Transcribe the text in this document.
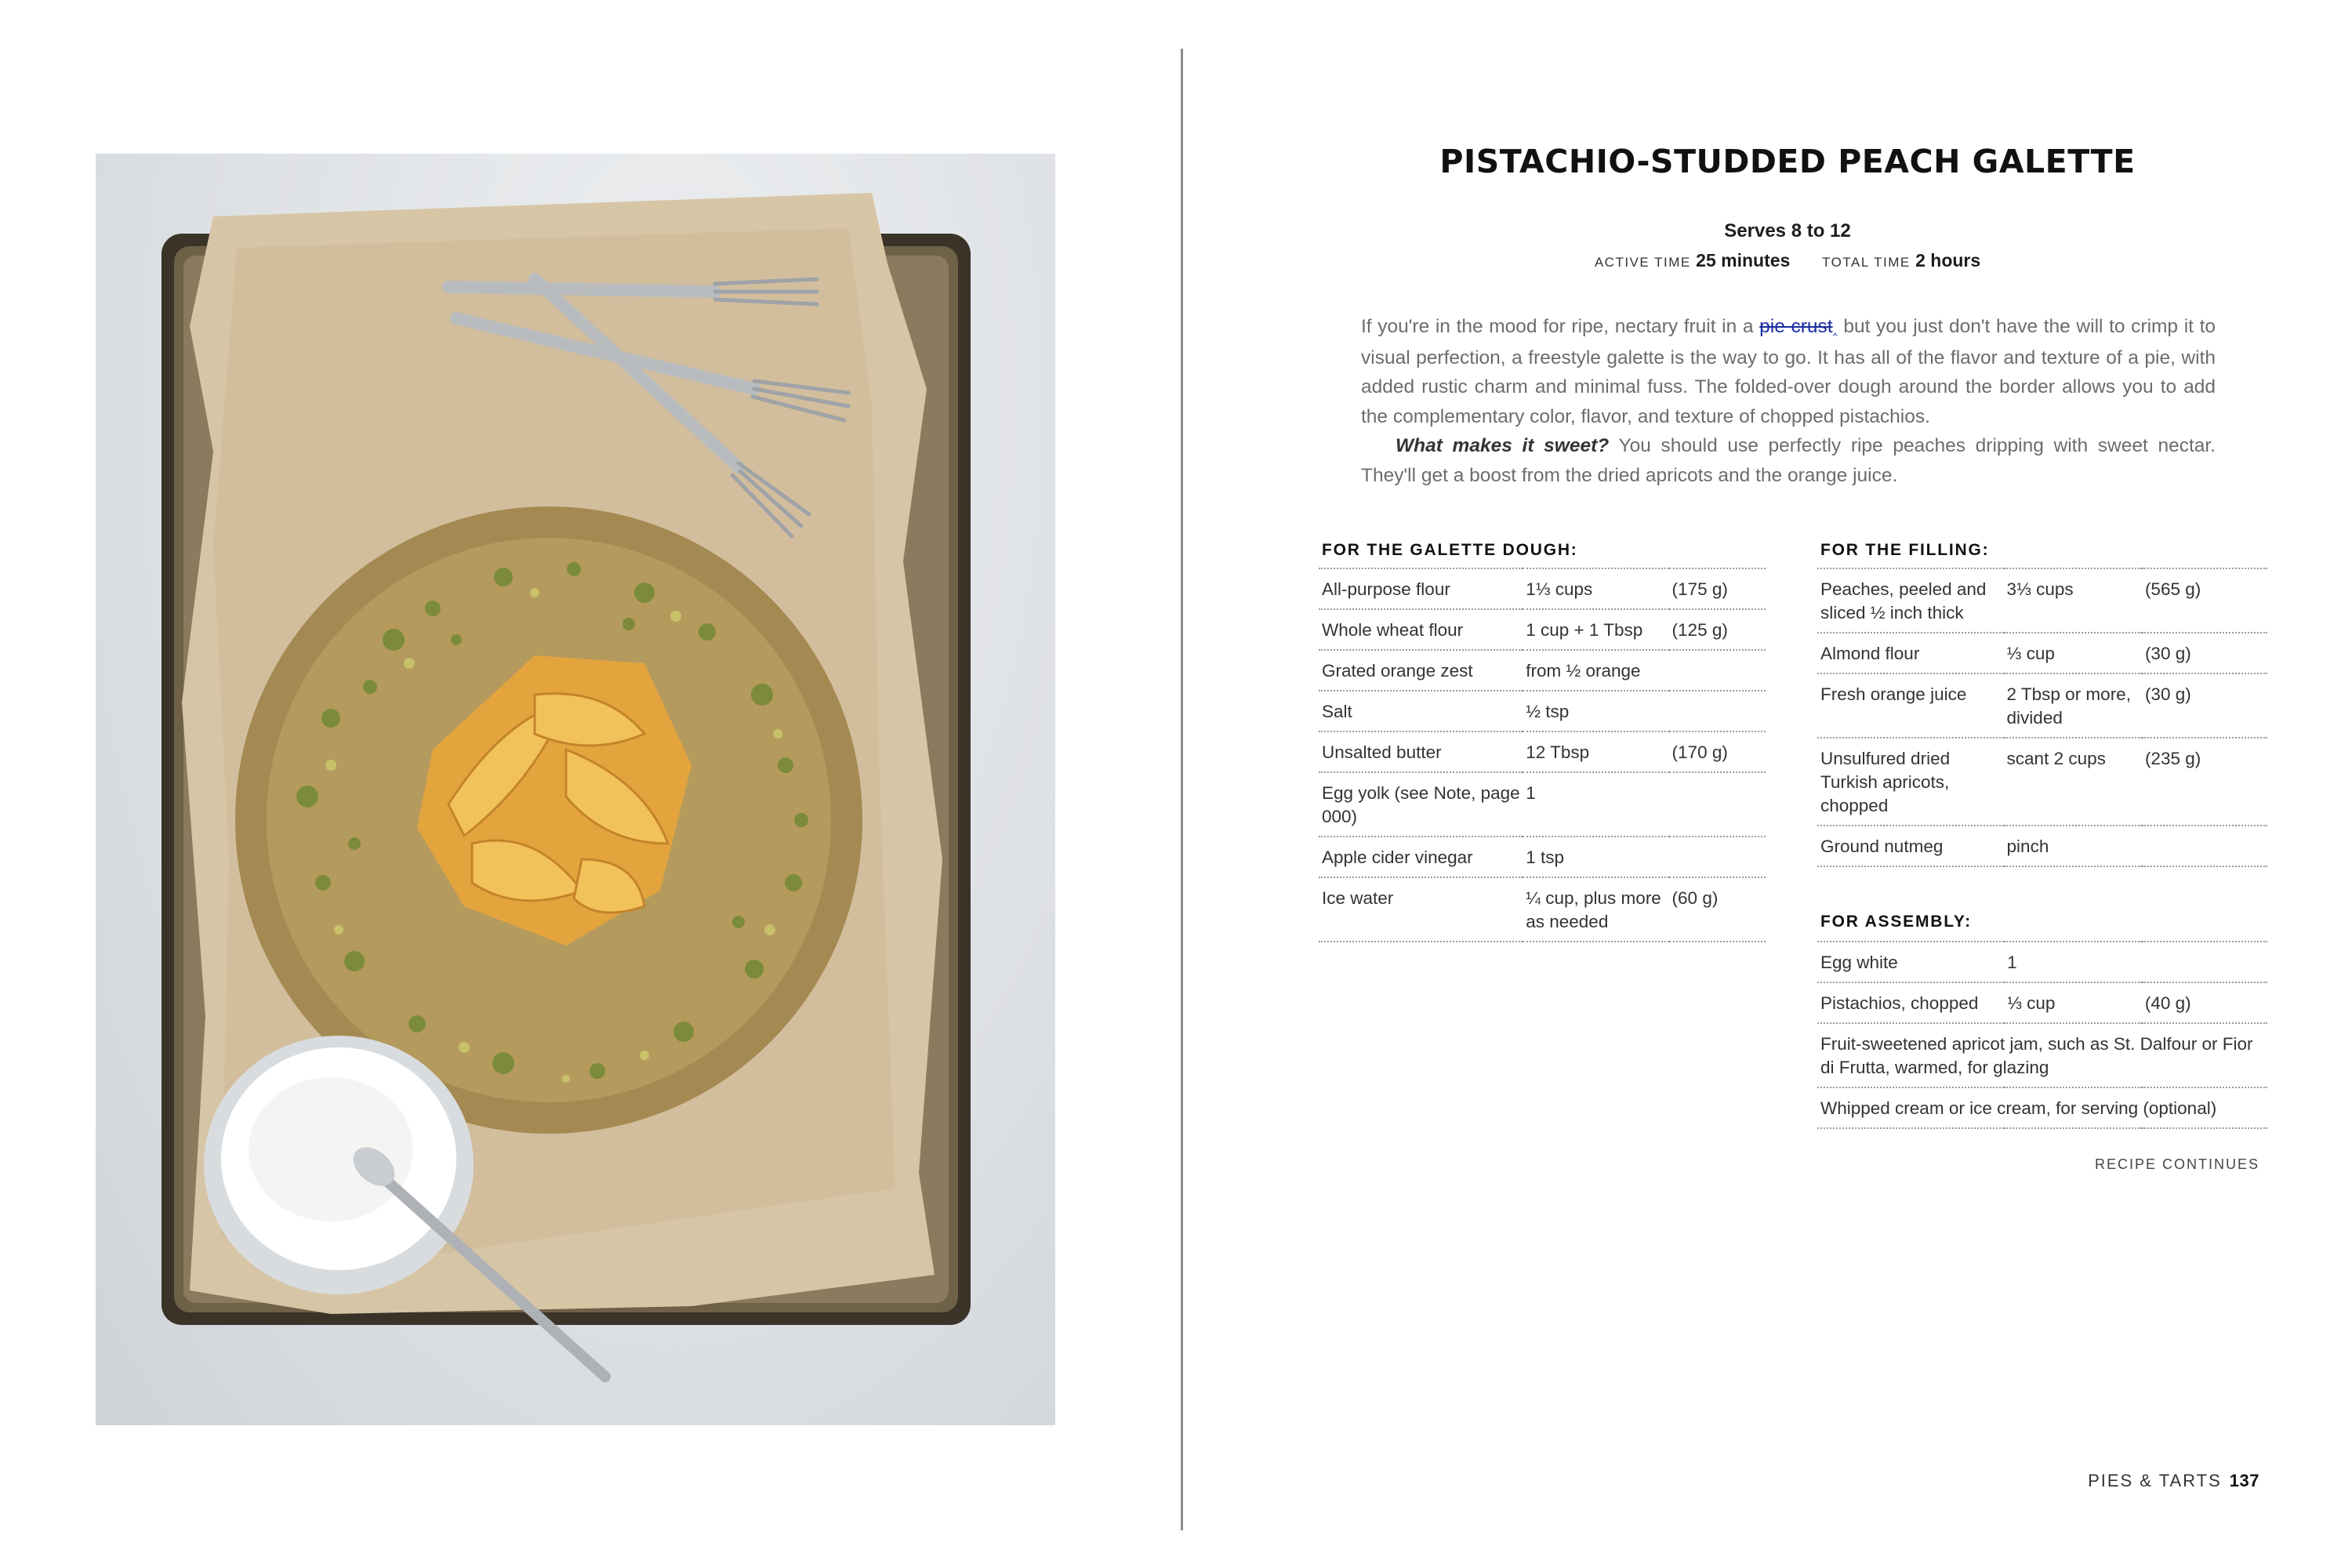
PISTACHIO-STUDDED PEACH GALETTE
Serves 8 to 12
ACTIVE TIME 25 minutes TOTAL TIME 2 hours

If you're in the mood for ripe, nectary fruit in a pie crust‸ but you just don't have the will to crimp it to visual perfection, a freestyle galette is the way to go. It has all of the flavor and texture of a pie, with added rustic charm and minimal fuss. The folded-over dough around the border allows you to add the complementary color, flavor, and texture of chopped pistachios.

What makes it sweet? You should use perfectly ripe peaches dripping with sweet nectar. They'll get a boost from the dried apricots and the orange juice.

FOR THE GALETTE DOUGH:
All-purpose flour	1⅓ cups	(175 g)
Whole wheat flour	1 cup + 1 Tbsp	(125 g)
Grated orange zest	from ½ orange	
Salt	½ tsp	
Unsalted butter	12 Tbsp	(170 g)
Egg yolk (see Note, page 000)	1	
Apple cider vinegar	1 tsp	
Ice water	¼ cup, plus more as needed	(60 g)
FOR THE FILLING:
Peaches, peeled and sliced ½ inch thick	3⅓ cups	(565 g)
Almond flour	⅓ cup	(30 g)
Fresh orange juice	2 Tbsp or more, divided	(30 g)
Unsulfured dried Turkish apricots, chopped	scant 2 cups	(235 g)
Ground nutmeg	pinch	
FOR ASSEMBLY:
Egg white	1	
Pistachios, chopped	⅓ cup	(40 g)
Fruit-sweetened apricot jam, such as St. Dalfour or Fior di Frutta, warmed, for glazing		
Whipped cream or ice cream, for serving (optional)		
RECIPE CONTINUES
PIES & TARTS 137
